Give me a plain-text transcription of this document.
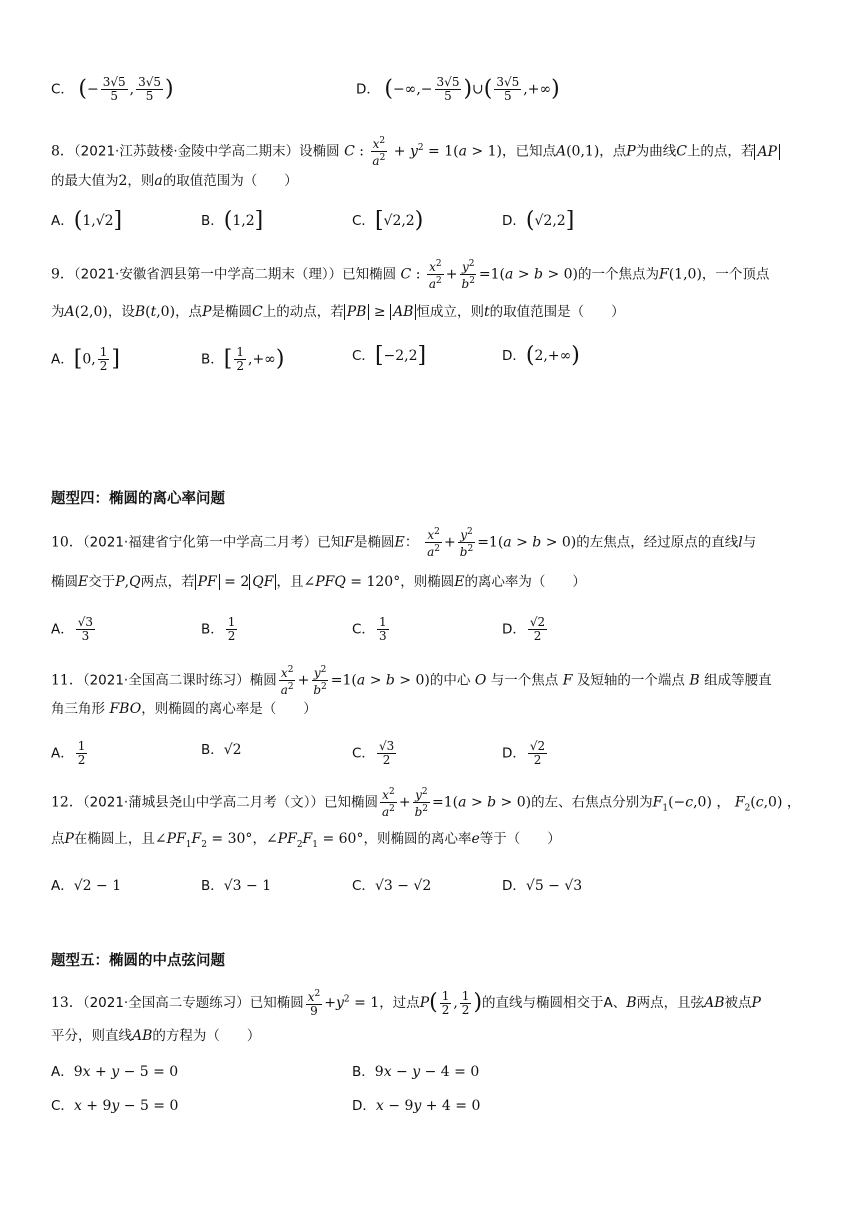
C． (− $\frac{3√5}{5}$ , $\frac{3√5}{5}$ )	D． (−∞,− $\frac{3√5}{5}$ )∪( $\frac{3√5}{5}$ ,+∞)
8．（2021·江苏鼓楼·金陵中学高二期末）设椭圆 C : $\frac{x^2}{a^2} + y^2 = 1(a > 1)$，已知点A(0,1)，点P为曲线C上的点，若 AP
的最大值为2，则a的取值范围为（　　）
A．(1,√2]	B．(1,2]	C．[√2,2)	D．(√2,2]
9．（2021·安徽省泗县第一中学高二期末（理））已知椭圆 C : $\frac{x^2}{a^2} + \frac{y^2}{b^2} =1(a > b > 0)$的一个焦点为F(1,0)，一个顶点
为A(2,0)，设B(t,0)，点P是椭圆C上的动点，若 PB ≥ AB 恒成立，则t的取值范围是（　　）
A．[0, $\frac{1}{2}$ ]	B．[ $\frac{1}{2}$ ,+∞)	C．[−2,2]	D．(2,+∞)
题型四：椭圆的离心率问题
10．（2021·福建省宁化第一中学高二月考）已知F是椭圆E： $\frac{x^2}{a^2} + \frac{y^2}{b^2} =1(a > b > 0)$的左焦点，经过原点的直线l与
椭圆E交于P,Q两点，若 PF = 2 QF ，且∠PFQ = 120°，则椭圆E的离心率为（　　）
A． $\frac{√3}{3}$	B． $\frac{1}{2}$	C． $\frac{1}{3}$	D． $\frac{√2}{2}$
11．（2021·全国高二课时练习）椭圆 $\frac{x^2}{a^2} + \frac{y^2}{b^2} =1(a > b > 0)$的中心 O 与一个焦点 F 及短轴的一个端点 B 组成等腰直
角三角形 FBO，则椭圆的离心率是（　　）
A． $\frac{1}{2}$	B．√2	C． $\frac{√3}{2}$	D． $\frac{√2}{2}$
12．（2021·蒲城县尧山中学高二月考（文））已知椭圆 $\frac{x^2}{a^2} + \frac{y^2}{b^2} =1(a > b > 0)$的左、右焦点分别为$F_1(-c,0)$ ， $F_2(c,0)$ ，
点P在椭圆上，且$\angle PF_1F_2 = 30^\circ$，$\angle PF_2F_1 = 60^\circ$，则椭圆的离心率e等于（　　）
A．√2 − 1	B．√3 − 1	C．√3 − √2	D．√5 − √3
题型五：椭圆的中点弦问题
13．（2021·全国高二专题练习）已知椭圆 $\frac{x^2}{9} +y^2 = 1$，过点$P( \frac{1}{2}$ , $\frac{1}{2}$ )的直线与椭圆相交于A、B两点，且弦AB被点P
平分，则直线AB的方程为（　　）
A．9x + y − 5 = 0	B．9x − y − 4 = 0
C．x + 9y − 5 = 0	D．x − 9y + 4 = 0
